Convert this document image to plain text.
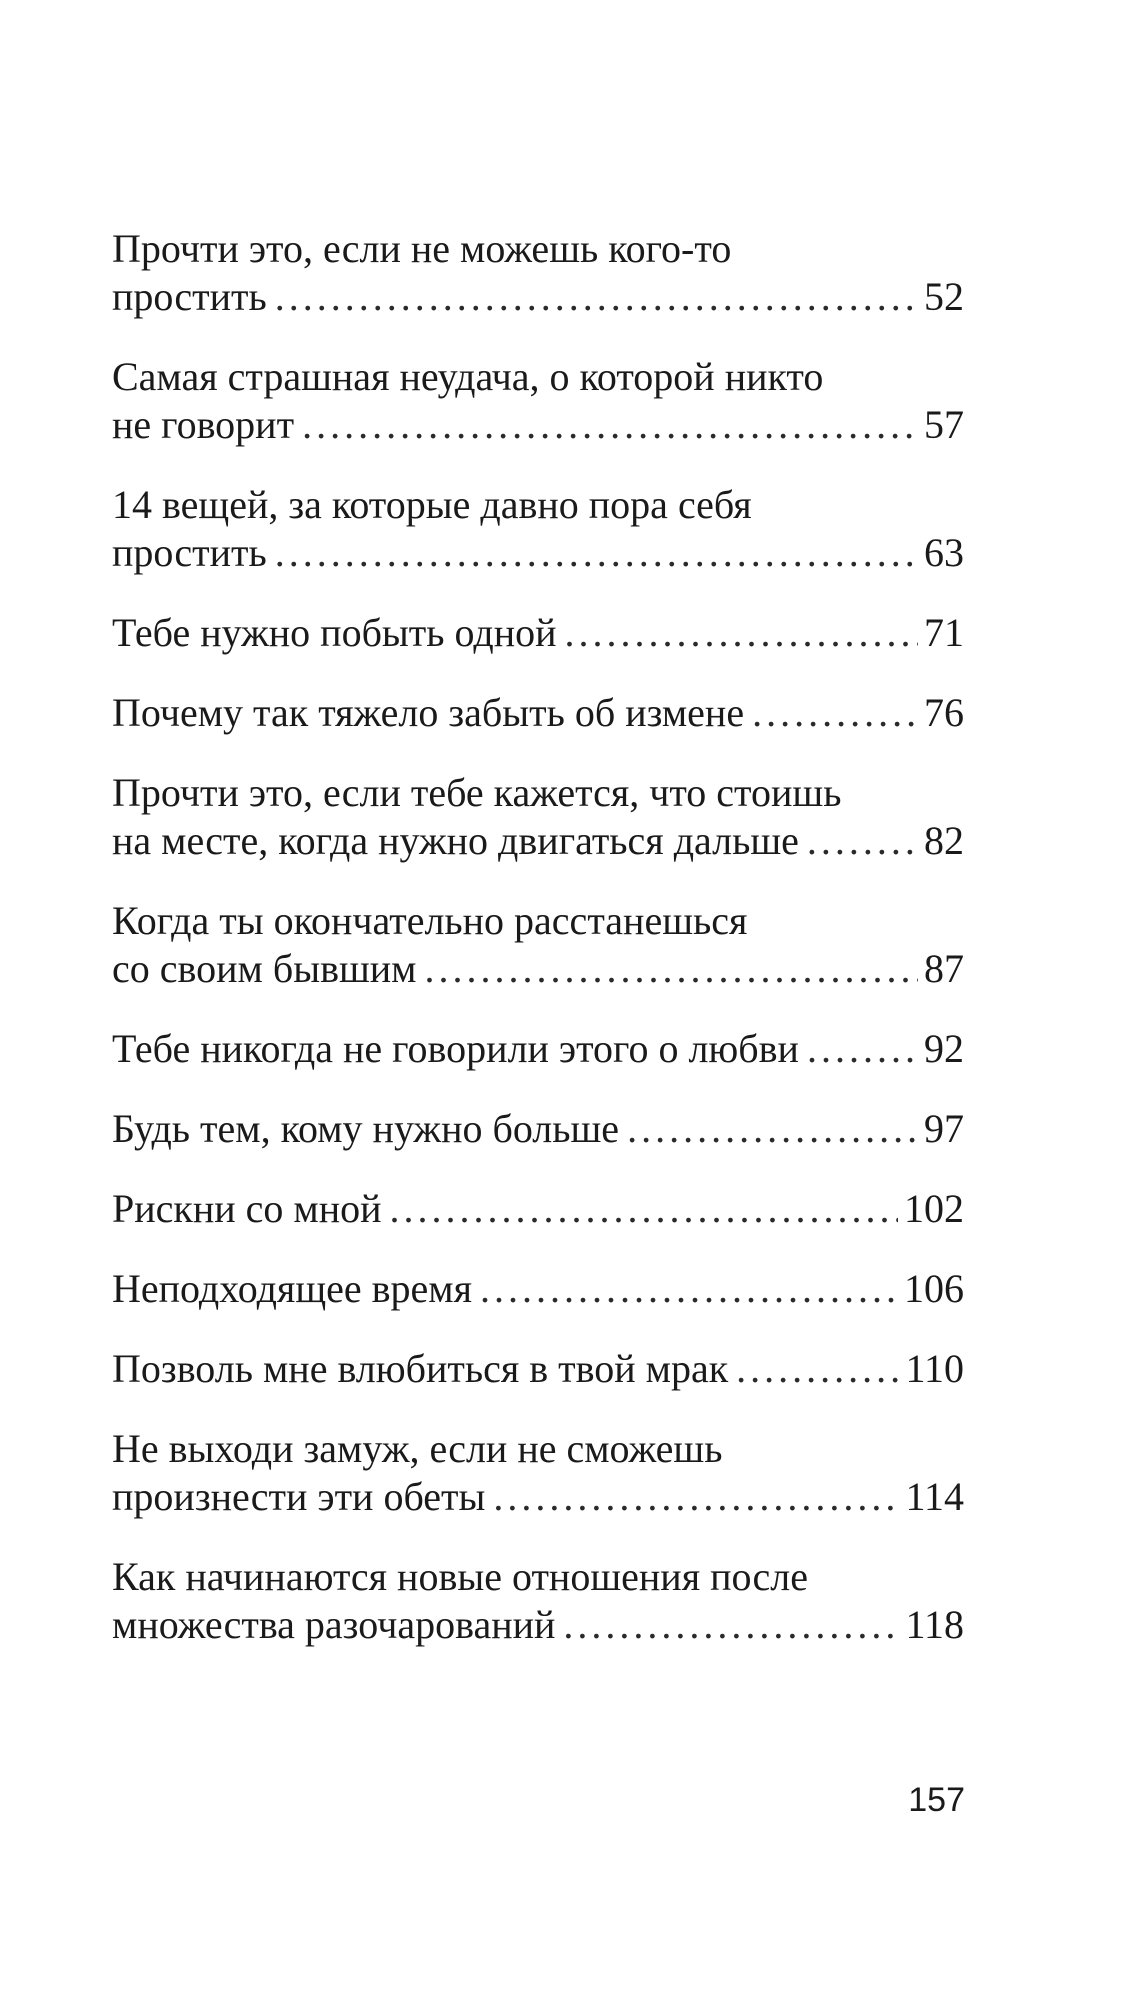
Прочти это, если не можешь кого-то
простить .....	52
Самая страшная неудача, о которой никто
не говорит .....	57
14 вещей, за которые давно пора себя
простить .....	63
Тебе нужно побыть одной .....	71
Почему так тяжело забыть об измене .....	76
Прочти это, если тебе кажется, что стоишь
на месте, когда нужно двигаться дальше .....	82
Когда ты окончательно расстанешься
со своим бывшим .....	87
Тебе никогда не говорили этого о любви .....	92
Будь тем, кому нужно больше .....	97
Рискни со мной .....	102
Неподходящее время .....	106
Позволь мне влюбиться в твой мрак .....	110
Не выходи замуж, если не сможешь
произнести эти обеты .....	114
Как начинаются новые отношения после
множества разочарований .....	118
157
